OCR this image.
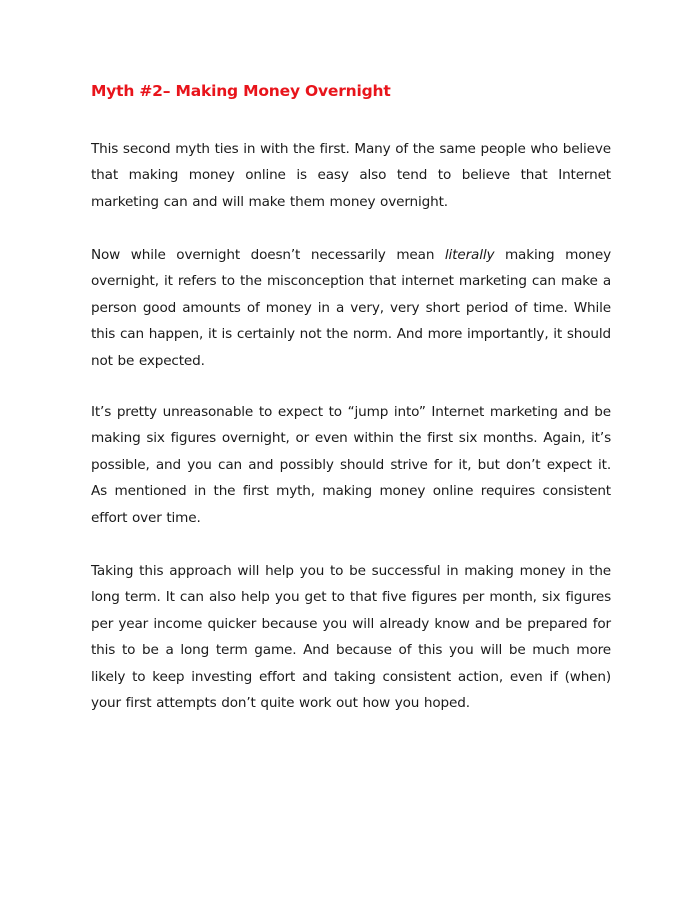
Myth #2– Making Money Overnight

This second myth ties in with the first. Many of the same people who believe that making money online is easy also tend to believe that Internet marketing can and will make them money overnight.

Now while overnight doesn’t necessarily mean literally making money overnight, it refers to the misconception that internet marketing can make a person good amounts of money in a very, very short period of time. While this can happen, it is certainly not the norm. And more importantly, it should not be expected.

It’s pretty unreasonable to expect to “jump into” Internet marketing and be making six figures overnight, or even within the first six months. Again, it’s possible, and you can and possibly should strive for it, but don’t expect it. As mentioned in the first myth, making money online requires consistent effort over time.

Taking this approach will help you to be successful in making money in the long term. It can also help you get to that five figures per month, six figures per year income quicker because you will already know and be prepared for this to be a long term game. And because of this you will be much more likely to keep investing effort and taking consistent action, even if (when) your first attempts don’t quite work out how you hoped.
